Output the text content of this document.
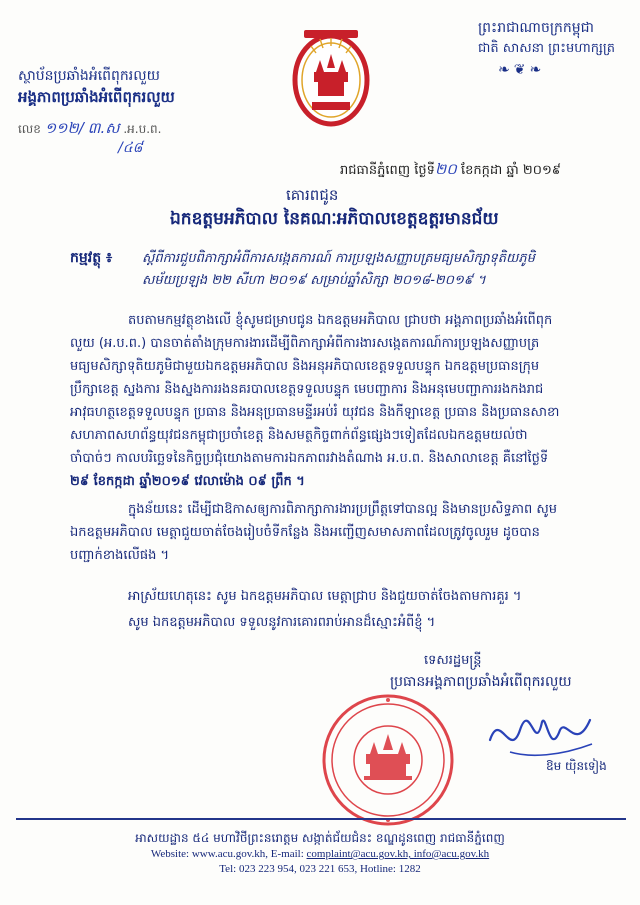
ស្ថាប័នប្រឆាំងអំពើពុករលួយ
អង្គភាពប្រឆាំងអំពើពុករលួយ
លេខ ១១២/ ៣.ស .អ.ប.ព.
/៤៨
ព្រះរាជាណាចក្រកម្ពុជា
ជាតិ សាសនា ព្រះមហាក្សត្រ
❧❦❧
រាជធានីភ្នំពេញ ថ្ងៃទី២០ ខែកក្កដា ឆ្នាំ ២០១៩
គោរពជូន
ឯកឧត្តមអភិបាល នៃគណៈអភិបាលខេត្តឧត្តរមានជ័យ
កម្មវត្ថុ ៖ ស្តីពីការជួបពិភាក្សាអំពីការសង្កេតការណ៍ ការប្រឡងសញ្ញាបត្រមធ្យមសិក្សាទុតិយភូមិ
សម័យប្រឡង ២២ សីហា ២០១៩ សម្រាប់ឆ្នាំសិក្សា ២០១៨-២០១៩ ។
តបតាមកម្មវត្ថុខាងលើ ខ្ញុំសូមជម្រាបជូន ឯកឧត្តមអភិបាល ជ្រាបថា អង្គភាពប្រឆាំងអំពើពុក
លួយ (អ.ប.ព.) បានចាត់តាំងក្រុមការងារដើម្បីពិភាក្សាអំពីការងារសង្កេតការណ៍ការប្រឡងសញ្ញាបត្រ
មធ្យមសិក្សាទុតិយភូមិជាមួយឯកឧត្តមអភិបាល និងអនុអភិបាលខេត្តទទួលបន្ទុក ឯកឧត្តមប្រធានក្រុម
ប្រឹក្សាខេត្ត ស្នងការ និងស្នងការរងនគរបាលខេត្តទទួលបន្ទុក មេបញ្ជាការ និងអនុមេបញ្ជាការរងកងរាជ
អាវុធហត្ថខេត្តទទួលបន្ទុក ប្រធាន និងអនុប្រធានមន្ទីរអប់រំ យុវជន និងកីឡាខេត្ត ប្រធាន និងប្រធានសាខា
សហភាពសហព័ន្ធយុវជនកម្ពុជាប្រចាំខេត្ត និងសមត្ថកិច្ចពាក់ព័ន្ធផ្សេងៗទៀតដែលឯកឧត្តមយល់ថា
ចាំបាច់ៗ កាលបរិច្ឆេទនៃកិច្ចប្រជុំយោងតាមការឯកភាពរវាងតំណាង អ.ប.ព. និងសាលាខេត្ត គឺនៅថ្ងៃទី
២៩ ខែកក្កដា ឆ្នាំ២០១៩ វេលាម៉ោង ០៩ ព្រឹក ។
ក្នុងន័យនេះ ដើម្បីជាឱកាសឲ្យការពិភាក្សាការងារប្រព្រឹត្តទៅបានល្អ និងមានប្រសិទ្ធភាព សូម
ឯកឧត្តមអភិបាល មេត្តាជួយចាត់ចែងរៀបចំទីកន្លែង និងអញ្ជើញសមាសភាពដែលត្រូវចូលរួម ដូចបាន
បញ្ជាក់ខាងលើផង ។
អាស្រ័យហេតុនេះ សូម ឯកឧត្តមអភិបាល មេត្តាជ្រាប និងជួយចាត់ចែងតាមការគួរ ។
សូម ឯកឧត្តមអភិបាល ទទួលនូវការគោរពរាប់អានដ៏ស្មោះអំពីខ្ញុំ ។
ទេសរដ្ឋមន្ត្រី
ប្រធានអង្គភាពប្រឆាំងអំពើពុករលួយ
ឱម យ៉ិនទៀង
អាសយដ្ឋាន ៥៤ មហាវិថីព្រះនរោត្តម សង្កាត់ជ័យជំនះ ខណ្ឌដូនពេញ រាជធានីភ្នំពេញ
Website: www.acu.gov.kh, E-mail: complaint@acu.gov.kh, info@acu.gov.kh
Tel: 023 223 954, 023 221 653, Hotline: 1282
